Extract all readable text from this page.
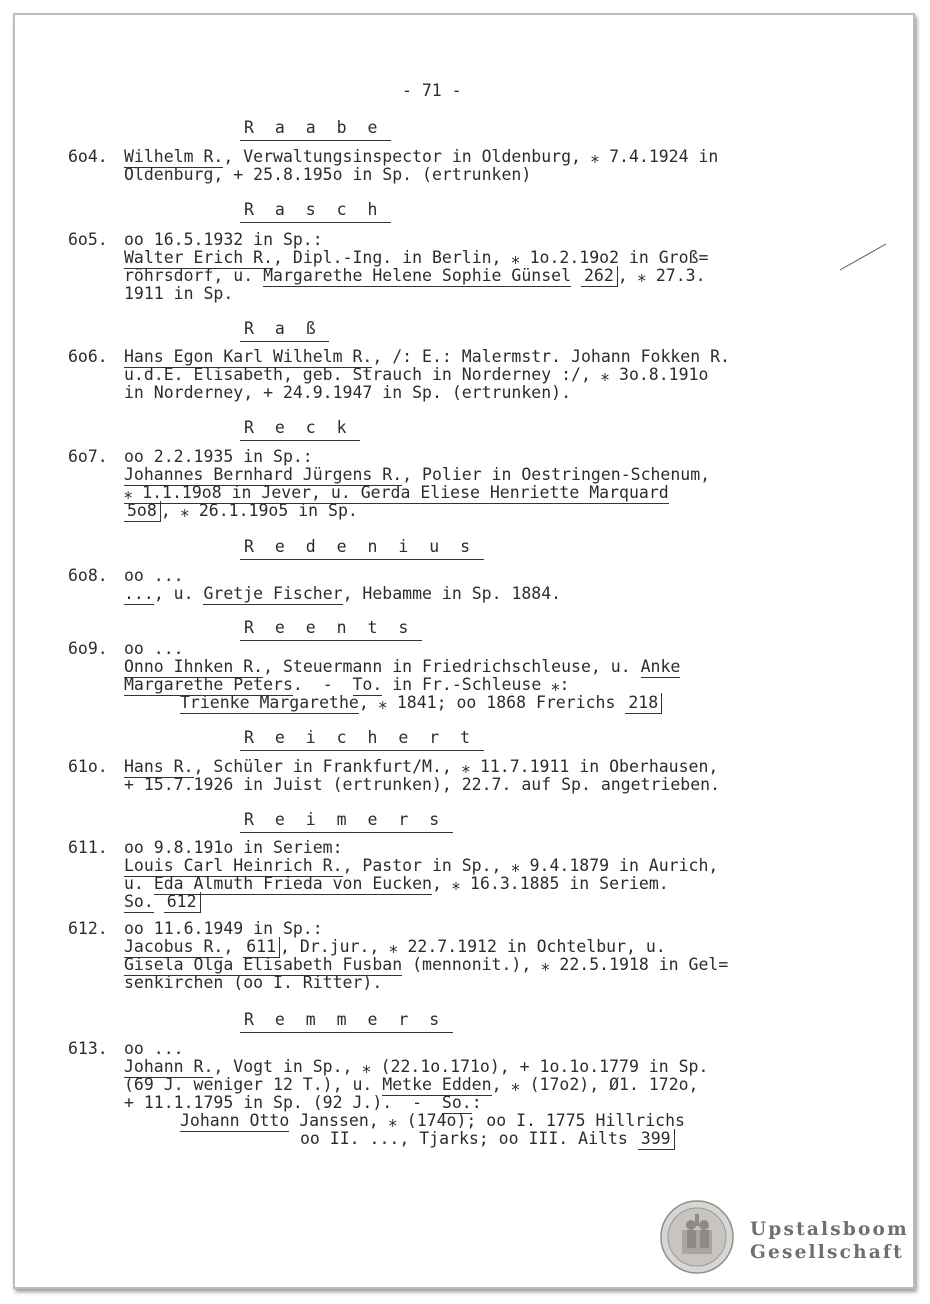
- 71 -
R a a b e
6o4. Wilhelm R., Verwaltungsinspector in Oldenburg, ⁎ 7.4.1924 in
Oldenburg, + 25.8.195o in Sp. (ertrunken)
R a s c h
6o5. oo 16.5.1932 in Sp.:
Walter Erich R., Dipl.-Ing. in Berlin, ⁎ 1o.2.19o2 in Groß=
röhrsdorf, u. Margarethe Helene Sophie Günsel 262 , ⁎ 27.3.
1911 in Sp.
R a ß
6o6. Hans Egon Karl Wilhelm R., /: E.: Malermstr. Johann Fokken R.
u.d.E. Elisabeth, geb. Strauch in Norderney :/, ⁎ 3o.8.191o
in Norderney, + 24.9.1947 in Sp. (ertrunken).
R e c k
6o7. oo 2.2.1935 in Sp.:
Johannes Bernhard Jürgens R., Polier in Oestringen-Schenum,
⁎ 1.1.19o8 in Jever, u. Gerda Eliese Henriette Marquard
5o8 , ⁎ 26.1.19o5 in Sp.
R e d e n i u s
6o8. oo ...
..., u. Gretje Fischer, Hebamme in Sp. 1884.
R e e n t s
6o9. oo ...
Onno Ihnken R., Steuermann in Friedrichschleuse, u. Anke
Margarethe Peters.  -  To. in Fr.-Schleuse ⁎:
Trienke Margarethe, ⁎ 1841; oo 1868 Frerichs 218
R e i c h e r t
61o. Hans R., Schüler in Frankfurt/M., ⁎ 11.7.1911 in Oberhausen,
+ 15.7.1926 in Juist (ertrunken), 22.7. auf Sp. angetrieben.
R e i m e r s
611. oo 9.8.191o in Seriem:
Louis Carl Heinrich R., Pastor in Sp., ⁎ 9.4.1879 in Aurich,
u. Eda Almuth Frieda von Eucken, ⁎ 16.3.1885 in Seriem.
So. 612
612. oo 11.6.1949 in Sp.:
Jacobus R., 611 , Dr.jur., ⁎ 22.7.1912 in Ochtelbur, u.
Gisela Olga Elisabeth Fusban (mennonit.), ⁎ 22.5.1918 in Gel=
senkirchen (oo I. Ritter).
R e m m e r s
613. oo ...
Johann R., Vogt in Sp., ⁎ (22.1o.171o), + 1o.1o.1779 in Sp.
(69 J. weniger 12 T.), u. Metke Edden, ⁎ (17o2), Ø1. 172o,
+ 11.1.1795 in Sp. (92 J.).  -  So.:
Johann Otto Janssen, ⁎ (174o); oo I. 1775 Hillrichs
oo II. ..., Tjarks; oo III. Ailts 399
Upstalsboom
Gesellschaft
